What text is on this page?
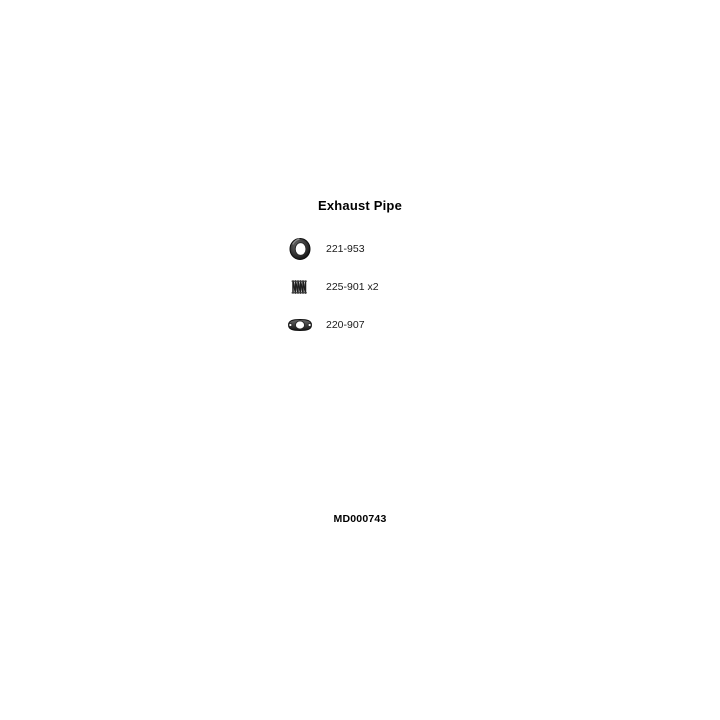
Exhaust Pipe
221-953
225-901 x2
220-907
MD000743
